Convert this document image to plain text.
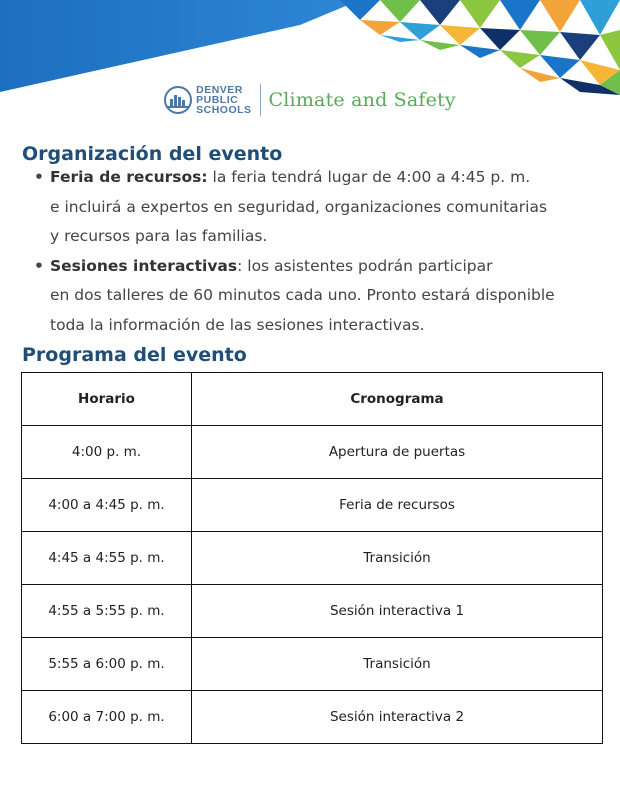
DENVER
PUBLIC
SCHOOLS Climate and Safety
Organización del evento
• Feria de recursos: la feria tendrá lugar de 4:00 a 4:45 p. m.
e incluirá a expertos en seguridad, organizaciones comunitarias
y recursos para las familias.
• Sesiones interactivas: los asistentes podrán participar
en dos talleres de 60 minutos cada uno. Pronto estará disponible
toda la información de las sesiones interactivas.
Programa del evento
Horario	Cronograma
4:00 p. m.	Apertura de puertas
4:00 a 4:45 p. m.	Feria de recursos
4:45 a 4:55 p. m.	Transición
4:55 a 5:55 p. m.	Sesión interactiva 1
5:55 a 6:00 p. m.	Transición
6:00 a 7:00 p. m.	Sesión interactiva 2
